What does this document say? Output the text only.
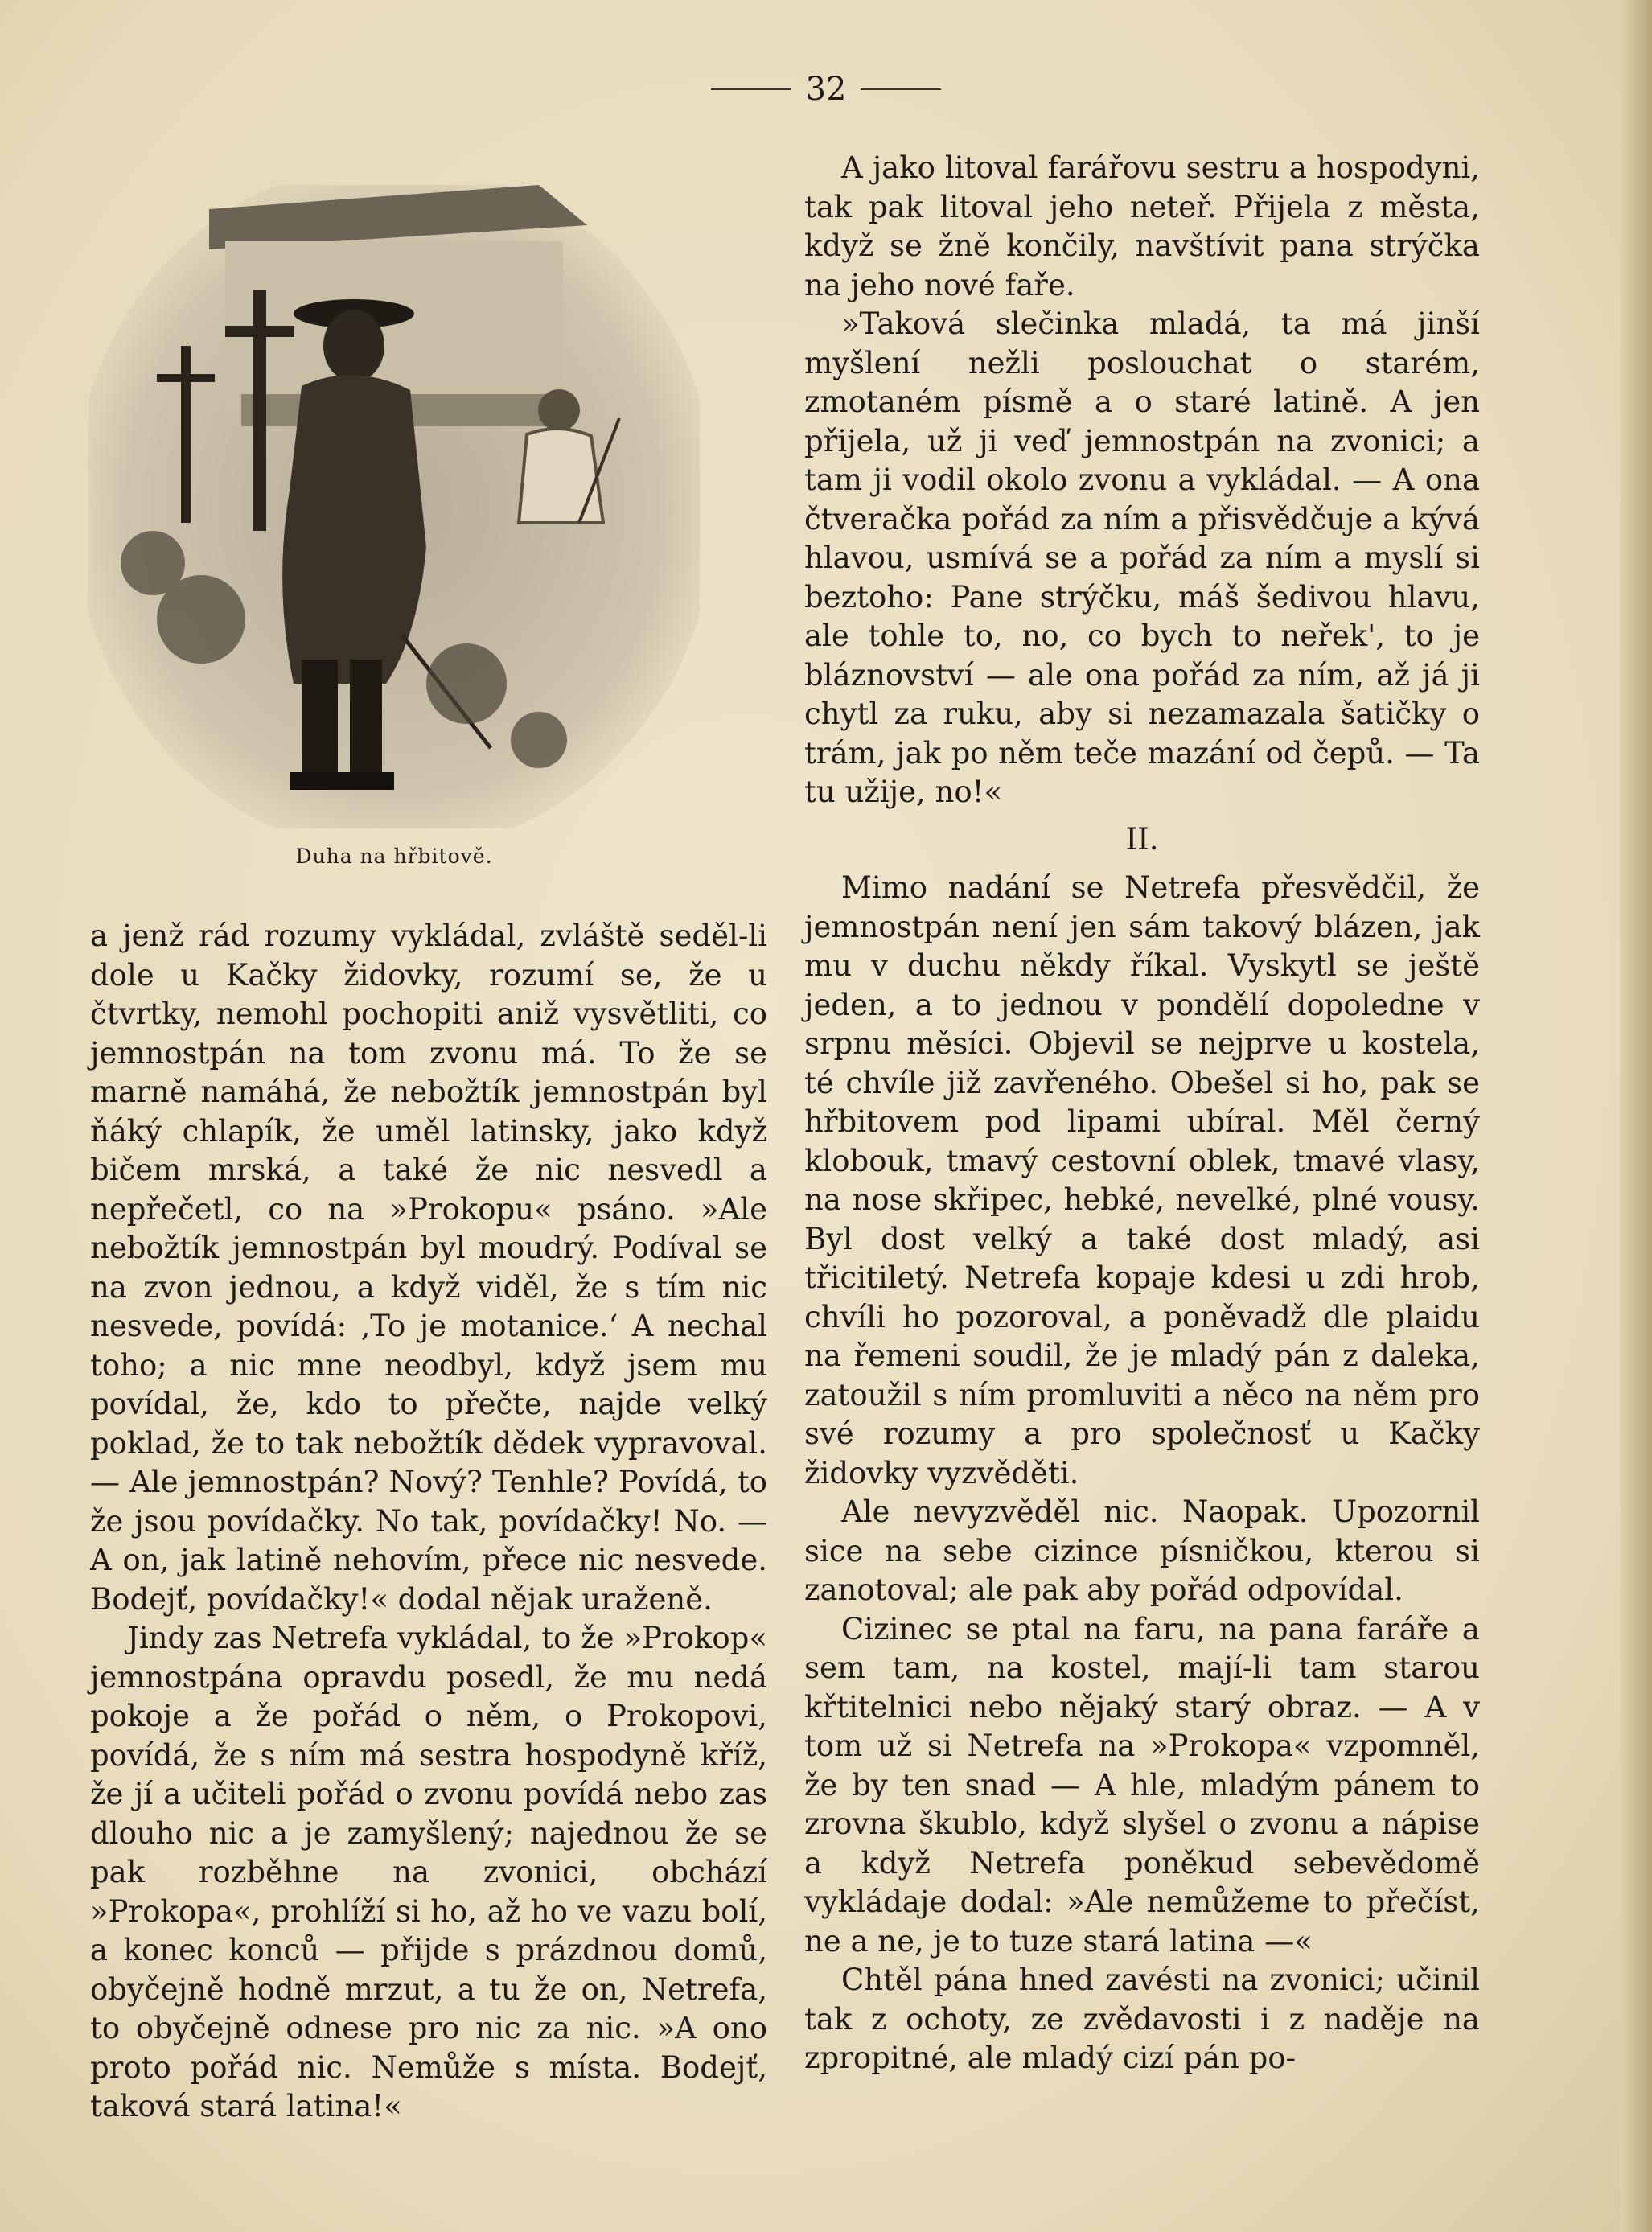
32
Duha na hřbitově.

a jenž rád rozumy vykládal, zvláště seděl-li dole u Kačky židovky, rozumí se, že u čtvrtky, nemohl pochopiti aniž vysvětliti, co jemnostpán na tom zvonu má. To že se marně namáhá, že nebožtík jemnostpán byl ňáký chlapík, že uměl latinsky, jako když bičem mrská, a také že nic nesvedl a nepřečetl, co na »Prokopu« psáno. »Ale nebožtík jemnostpán byl moudrý. Podíval se na zvon jednou, a když viděl, že s tím nic nesvede, povídá: ‚To je motanice.‘ A nechal toho; a nic mne neodbyl, když jsem mu povídal, že, kdo to přečte, najde velký poklad, že to tak nebožtík dědek vypravoval. — Ale jemnostpán? Nový? Tenhle? Povídá, to že jsou povídačky. No tak, povídačky! No. — A on, jak latině nehovím, přece nic nesvede. Bodejť, povídačky!« dodal nějak uraženě.

Jindy zas Netrefa vykládal, to že »Prokop« jemnostpána opravdu posedl, že mu nedá pokoje a že pořád o něm, o Prokopovi, povídá, že s ním má sestra hospodyně kříž, že jí a učiteli pořád o zvonu povídá nebo zas dlouho nic a je zamyšlený; najednou že se pak rozběhne na zvonici, obchází »Prokopa«, prohlíží si ho, až ho ve vazu bolí, a konec konců — přijde s prázdnou domů, obyčejně hodně mrzut, a tu že on, Netrefa, to obyčejně odnese pro nic za nic. »A ono proto pořád nic. Nemůže s místa. Bodejť, taková stará latina!«

A jako litoval farářovu sestru a hospodyni, tak pak litoval jeho neteř. Přijela z města, když se žně končily, navštívit pana strýčka na jeho nové faře.

»Taková slečinka mladá, ta má jinší myšlení nežli poslouchat o starém, zmotaném písmě a o staré latině. A jen přijela, už ji veď jemnostpán na zvonici; a tam ji vodil okolo zvonu a vykládal. — A ona čtveračka pořád za ním a přisvědčuje a kývá hlavou, usmívá se a pořád za ním a myslí si beztoho: Pane strýčku, máš šedivou hlavu, ale tohle to, no, co bych to neřek', to je bláznovství — ale ona pořád za ním, až já ji chytl za ruku, aby si nezamazala šatičky o trám, jak po něm teče mazání od čepů. — Ta tu užije, no!«

II.

Mimo nadání se Netrefa přesvědčil, že jemnostpán není jen sám takový blázen, jak mu v duchu někdy říkal. Vyskytl se ještě jeden, a to jednou v pondělí dopoledne v srpnu měsíci. Objevil se nejprve u kostela, té chvíle již zavřeného. Obešel si ho, pak se hřbitovem pod lipami ubíral. Měl černý klobouk, tmavý cestovní oblek, tmavé vlasy, na nose skřipec, hebké, nevelké, plné vousy. Byl dost velký a také dost mladý, asi třicitiletý. Netrefa kopaje kdesi u zdi hrob, chvíli ho pozoroval, a poněvadž dle plaidu na řemeni soudil, že je mladý pán z daleka, zatoužil s ním promluviti a něco na něm pro své rozumy a pro společnosť u Kačky židovky vyzvěděti.

Ale nevyzvěděl nic. Naopak. Upozornil sice na sebe cizince písničkou, kterou si zanotoval; ale pak aby pořád odpovídal.

Cizinec se ptal na faru, na pana faráře a sem tam, na kostel, mají-li tam starou křtitelnici nebo nějaký starý obraz. — A v tom už si Netrefa na »Prokopa« vzpomněl, že by ten snad — A hle, mladým pánem to zrovna škublo, když slyšel o zvonu a nápise a když Netrefa poněkud sebevědomě vykládaje dodal: »Ale nemůžeme to přečíst, ne a ne, je to tuze stará latina —«

Chtěl pána hned zavésti na zvonici; učinil tak z ochoty, ze zvědavosti i z naděje na zpropitné, ale mladý cizí pán po-
